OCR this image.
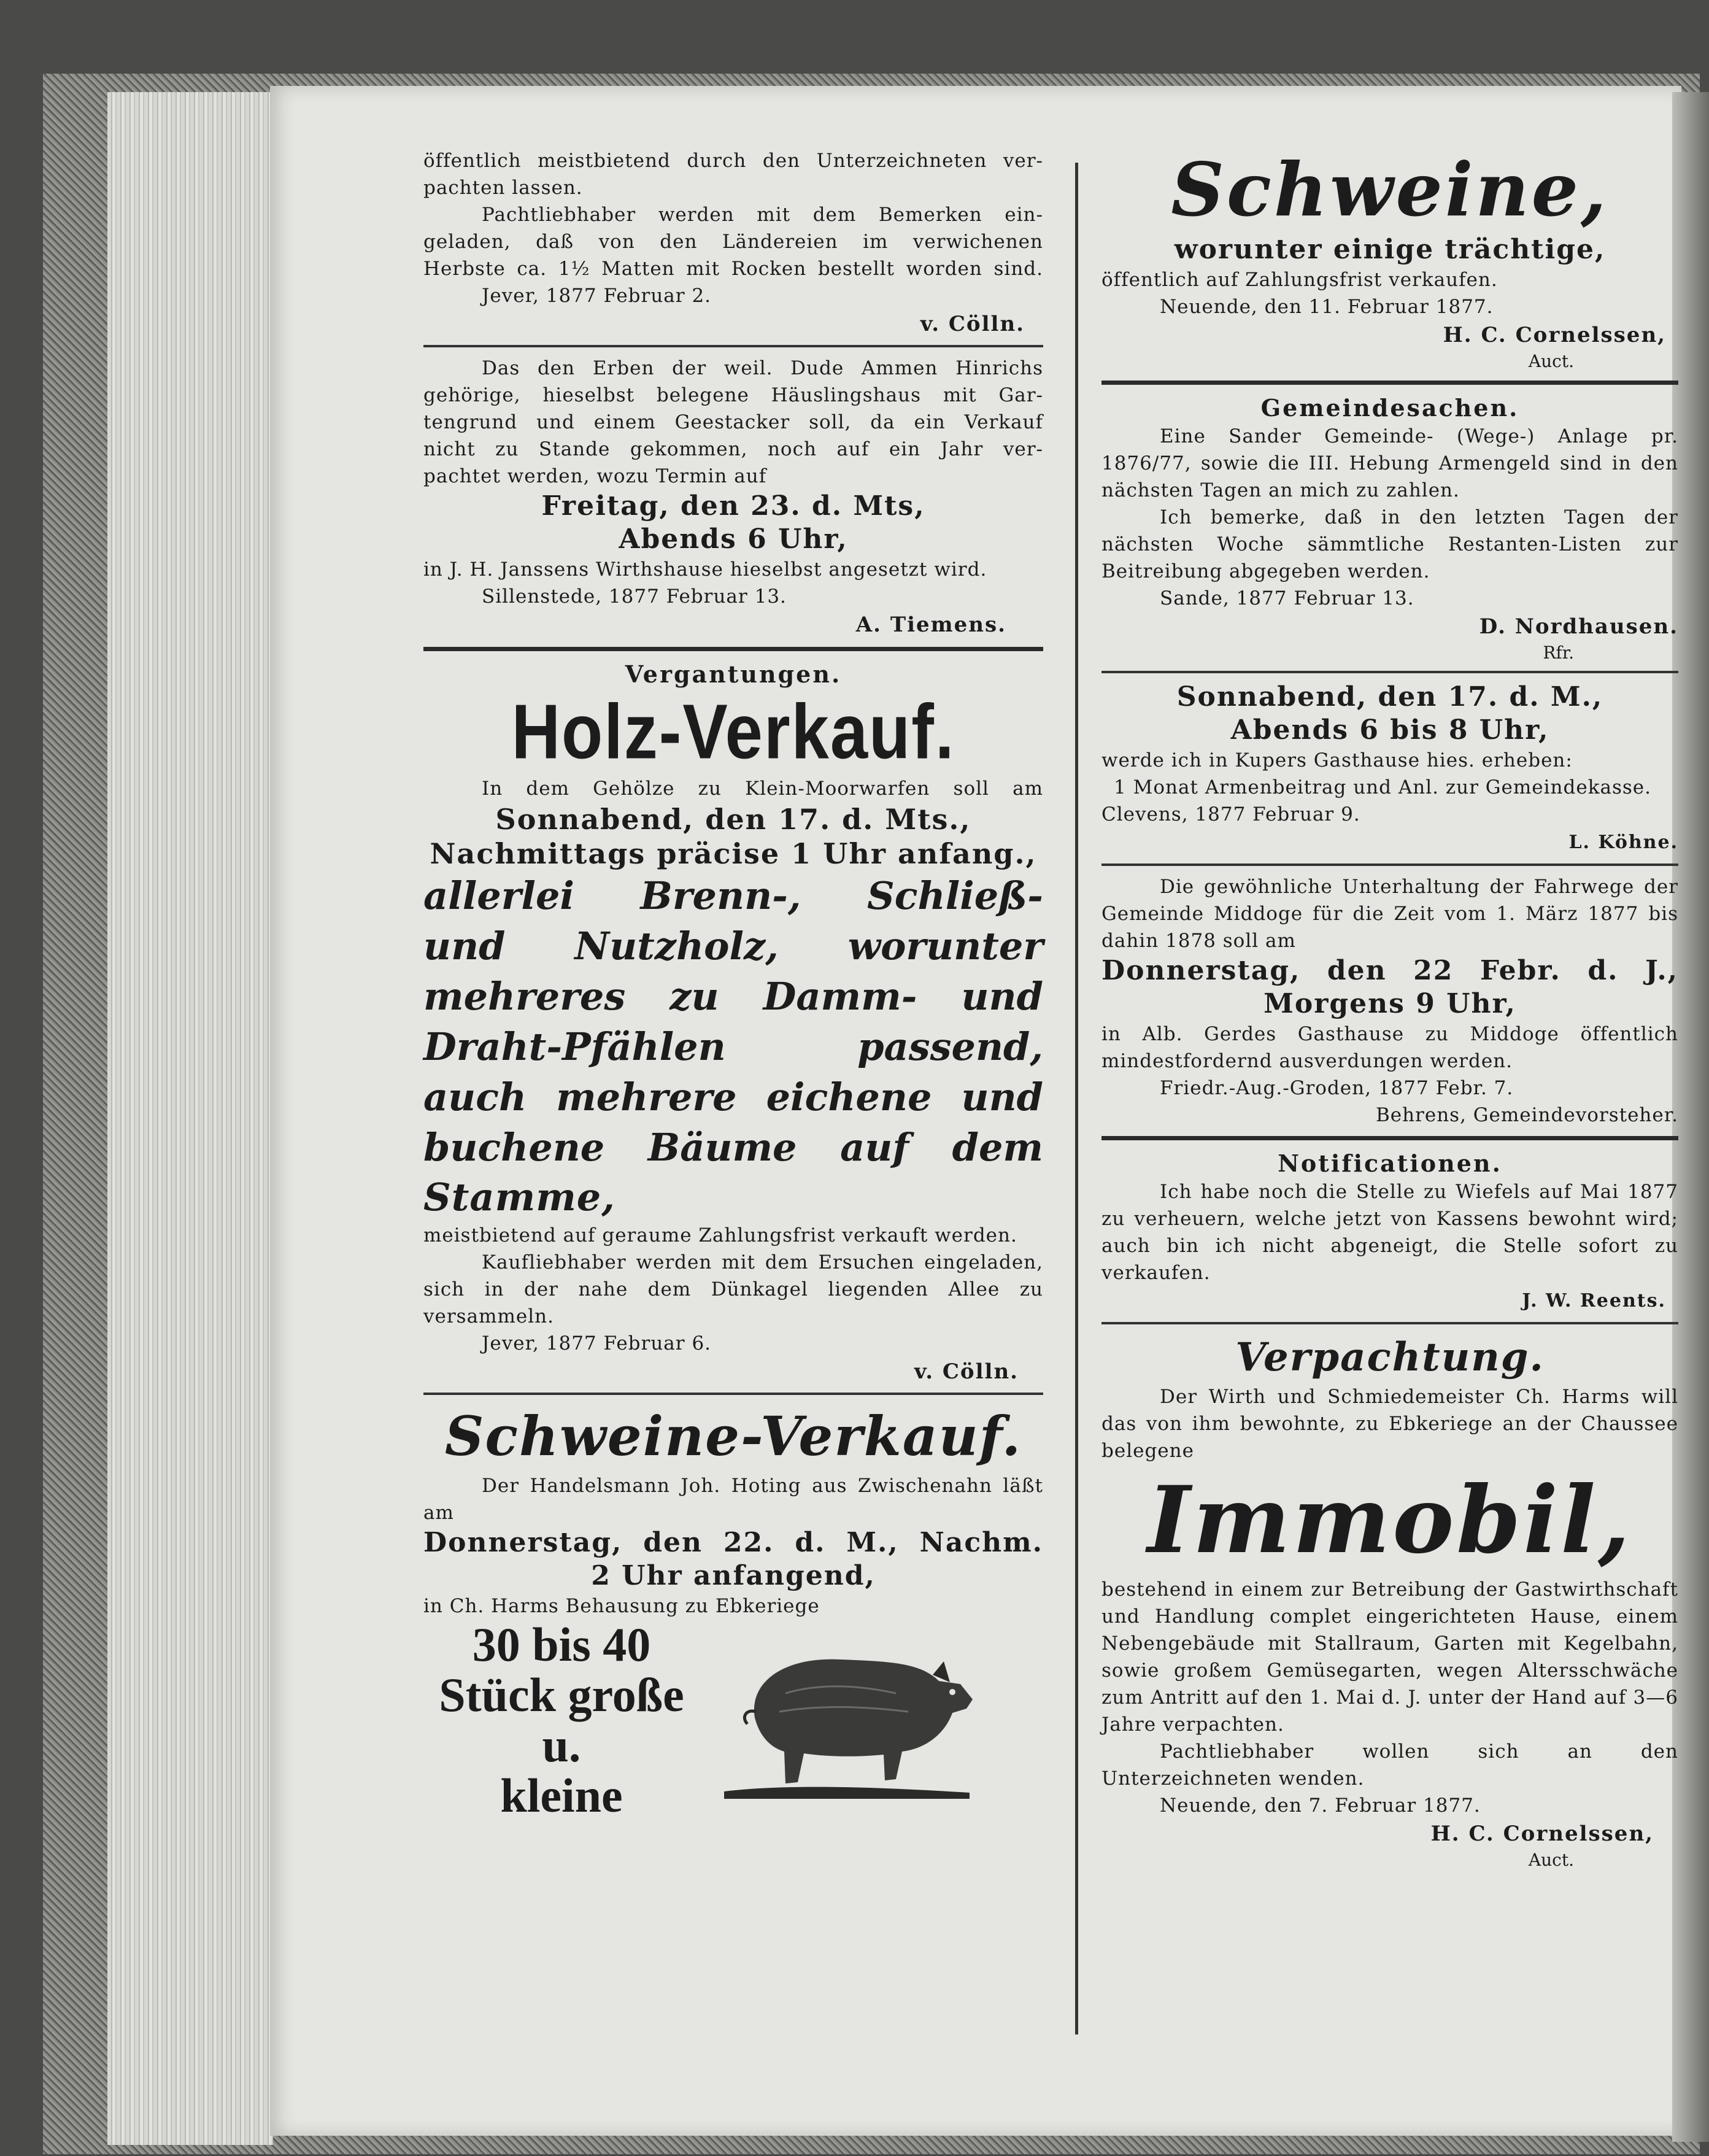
öffentlich meistbietend durch den Unterzeichneten ver-

pachten lassen.

Pachtliebhaber werden mit dem Bemerken ein-

geladen, daß von den Ländereien im verwichenen

Herbste ca. 1½ Matten mit Rocken bestellt worden sind.

Jever, 1877 Februar 2.

v. Cölln.

Das den Erben der weil. Dude Ammen Hinrichs

gehörige, hieselbst belegene Häuslingshaus mit Gar-

tengrund und einem Geestacker soll, da ein Verkauf

nicht zu Stande gekommen, noch auf ein Jahr ver-

pachtet werden, wozu Termin auf

Freitag, den 23. d. Mts,

Abends 6 Uhr,

in J. H. Janssens Wirthshause hieselbst angesetzt wird.

Sillenstede, 1877 Februar 13.

A. Tiemens.

Vergantungen.

Holz-Verkauf.

In dem Gehölze zu Klein-Moorwarfen soll am

Sonnabend, den 17. d. Mts.,

Nachmittags präcise 1 Uhr anfang.,

allerlei Brenn-, Schließ-

und Nutzholz, worunter

mehreres zu Damm- und

Draht-Pfählen passend,

auch mehrere eichene und

buchene Bäume auf dem

Stamme,

meistbietend auf geraume Zahlungsfrist verkauft werden.

Kaufliebhaber werden mit dem Ersuchen eingeladen, sich in der nahe dem Dünkagel liegenden Allee zu versammeln.

Jever, 1877 Februar 6.

v. Cölln.

Schweine-Verkauf.

Der Handelsmann Joh. Hoting aus Zwischenahn läßt am

Donnerstag, den 22. d. M., Nachm.

2 Uhr anfangend,

in Ch. Harms Behausung zu Ebkeriege

30 bis 40

Stück große u.

kleine

Schweine,

worunter einige trächtige,

öffentlich auf Zahlungsfrist verkaufen.

Neuende, den 11. Februar 1877.

H. C. Cornelssen,

Auct.

Gemeindesachen.

Eine Sander Gemeinde- (Wege-) Anlage pr. 1876/77, sowie die III. Hebung Armengeld sind in den nächsten Tagen an mich zu zahlen.

Ich bemerke, daß in den letzten Tagen der nächsten Woche sämmtliche Restanten-Listen zur Beitreibung abgegeben werden.

Sande, 1877 Februar 13.

D. Nordhausen.

Rfr.

Sonnabend, den 17. d. M.,

Abends 6 bis 8 Uhr,

werde ich in Kupers Gasthause hies. erheben:

1 Monat Armenbeitrag und Anl. zur Gemeindekasse.

Clevens, 1877 Februar 9.

L. Köhne.

Die gewöhnliche Unterhaltung der Fahrwege der Gemeinde Middoge für die Zeit vom 1. März 1877 bis dahin 1878 soll am

Donnerstag, den 22 Febr. d. J.,

Morgens 9 Uhr,

in Alb. Gerdes Gasthause zu Middoge öffentlich mindestfordernd ausverdungen werden.

Friedr.-Aug.-Groden, 1877 Febr. 7.

Behrens, Gemeindevorsteher.

Notificationen.

Ich habe noch die Stelle zu Wiefels auf Mai 1877 zu verheuern, welche jetzt von Kassens bewohnt wird; auch bin ich nicht abgeneigt, die Stelle sofort zu verkaufen.

J. W. Reents.

Verpachtung.

Der Wirth und Schmiedemeister Ch. Harms will das von ihm bewohnte, zu Ebkeriege an der Chaussee belegene

Immobil,

bestehend in einem zur Betreibung der Gastwirthschaft und Handlung complet eingerichteten Hause, einem Nebengebäude mit Stallraum, Garten mit Kegelbahn, sowie großem Gemüsegarten, wegen Altersschwäche zum Antritt auf den 1. Mai d. J. unter der Hand auf 3—6 Jahre verpachten.

Pachtliebhaber wollen sich an den Unterzeichneten wenden.

Neuende, den 7. Februar 1877.

H. C. Cornelssen,

Auct.
